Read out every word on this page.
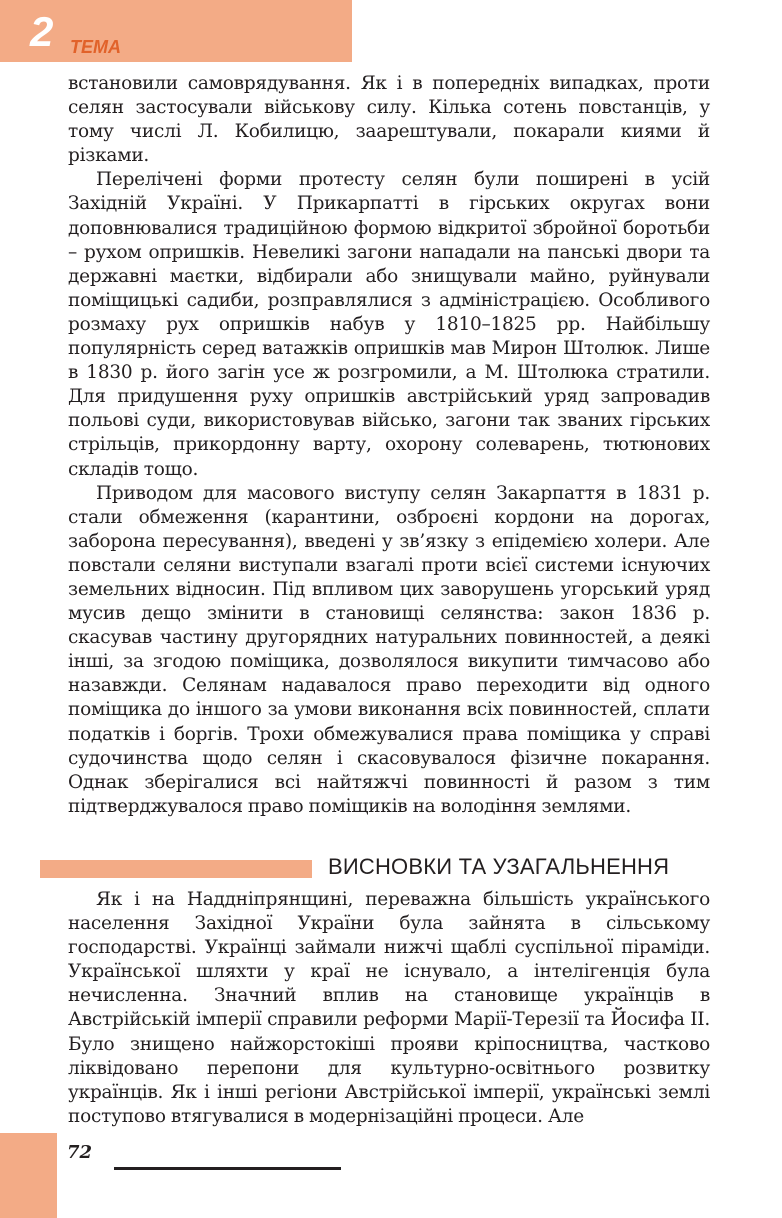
2 ТЕМА

встановили самоврядування. Як і в попередніх випадках, проти селян застосували військову силу. Кілька сотень повстанців, у тому числі Л. Кобилицю, заарештували, покарали киями й різками.

Перелічені форми протесту селян були поширені в усій Західній Україні. У Прикарпатті в гірських округах вони доповнювалися традиційною формою відкритої збройної боротьби – рухом опришків. Невеликі загони нападали на панські двори та державні маєтки, відбирали або знищували майно, руйнували поміщицькі садиби, розправлялися з адміністрацією. Особливого розмаху рух опришків набув у 1810–1825 рр. Найбільшу популярність серед ватажків опришків мав Мирон Штолюк. Лише в 1830 р. його загін усе ж розгромили, а М. Штолюка стратили. Для придушення руху опришків австрійський уряд запровадив польові суди, використовував військо, загони так званих гірських стрільців, прикордонну варту, охорону солеварень, тютюнових складів тощо.

Приводом для масового виступу селян Закарпаття в 1831 р. стали обмеження (карантини, озброєні кордони на дорогах, заборона пересування), введені у зв’язку з епідемією холери. Але повстали селяни виступали взагалі проти всієї системи існуючих земельних відносин. Під впливом цих заворушень угорський уряд мусив дещо змінити в становищі селянства: закон 1836 р. скасував частину другорядних натуральних повинностей, а деякі інші, за згодою поміщика, дозволялося викупити тимчасово або назавжди. Селянам надавалося право переходити від одного поміщика до іншого за умови виконання всіх повинностей, сплати податків і боргів. Трохи обмежувалися права поміщика у справі судочинства щодо селян і скасовувалося фізичне покарання. Однак зберігалися всі найтяжчі повинності й разом з тим підтверджувалося право поміщиків на володіння землями.

ВИСНОВКИ ТА УЗАГАЛЬНЕННЯ

Як і на Наддніпрянщині, переважна більшість українського населення Західної України була зайнята в сільському господарстві. Українці займали нижчі щаблі суспільної піраміди. Української шляхти у краї не існувало, а інтелігенція була нечисленна. Значний вплив на становище українців в Австрійській імперії справили реформи Марії-Терезії та Йосифа ІІ. Було знищено найжорстокіші прояви кріпосництва, частково ліквідовано перепони для культурно-освітнього розвитку українців. Як і інші регіони Австрійської імперії, українські землі поступово втягувалися в модернізаційні процеси. Але

72
